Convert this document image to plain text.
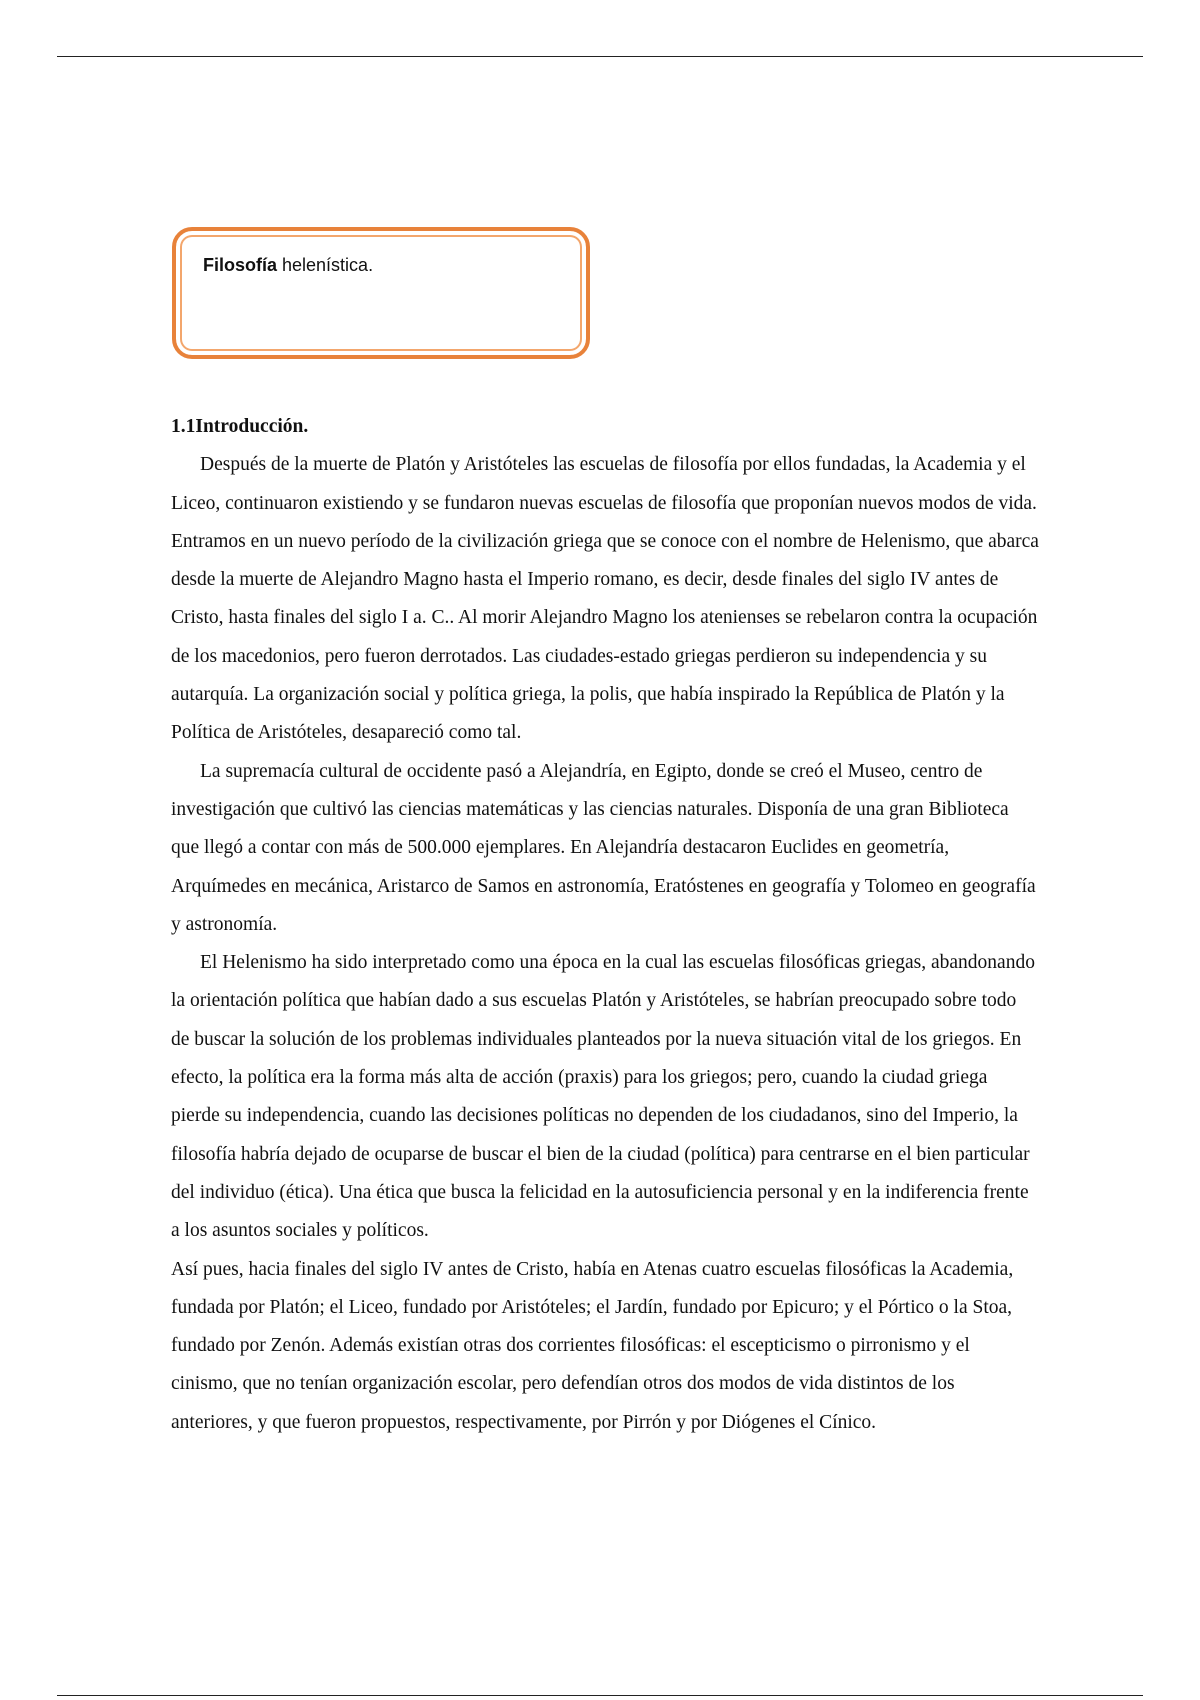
Filosofía helenística.

1.1Introducción.

Después de la muerte de Platón y Aristóteles las escuelas de filosofía por ellos fundadas, la Academia y el Liceo, continuaron existiendo y se fundaron nuevas escuelas de filosofía que proponían nuevos modos de vida. Entramos en un nuevo período de la civilización griega que se conoce con el nombre de Helenismo, que abarca desde la muerte de Alejandro Magno hasta el Imperio romano, es decir, desde finales del siglo IV antes de Cristo, hasta finales del siglo I a. C.. Al morir Alejandro Magno los atenienses se rebelaron contra la ocupación de los macedonios, pero fueron derrotados. Las ciudades-estado griegas perdieron su independencia y su autarquía. La organización social y política griega, la polis, que había inspirado la República de Platón y la Política de Aristóteles, desapareció como tal.

La supremacía cultural de occidente pasó a Alejandría, en Egipto, donde se creó el Museo, centro de investigación que cultivó las ciencias matemáticas y las ciencias naturales. Disponía de una gran Biblioteca que llegó a contar con más de 500.000 ejemplares. En Alejandría destacaron Euclides en geometría, Arquímedes en mecánica, Aristarco de Samos en astronomía, Eratóstenes en geografía y Tolomeo en geografía y astronomía.

El Helenismo ha sido interpretado como una época en la cual las escuelas filosóficas griegas, abandonando la orientación política que habían dado a sus escuelas Platón y Aristóteles, se habrían preocupado sobre todo de buscar la solución de los problemas individuales planteados por la nueva situación vital de los griegos. En efecto, la política era la forma más alta de acción (praxis) para los griegos; pero, cuando la ciudad griega pierde su independencia, cuando las decisiones políticas no dependen de los ciudadanos, sino del Imperio, la filosofía habría dejado de ocuparse de buscar el bien de la ciudad (política) para centrarse en el bien particular del individuo (ética). Una ética que busca la felicidad en la autosuficiencia personal y en la indiferencia frente a los asuntos sociales y políticos.

Así pues, hacia finales del siglo IV antes de Cristo, había en Atenas cuatro escuelas filosóficas la Academia, fundada por Platón; el Liceo, fundado por Aristóteles; el Jardín, fundado por Epicuro; y el Pórtico o la Stoa, fundado por Zenón. Además existían otras dos corrientes filosóficas: el escepticismo o pirronismo y el cinismo, que no tenían organización escolar, pero defendían otros dos modos de vida distintos de los anteriores, y que fueron propuestos, respectivamente, por Pirrón y por Diógenes el Cínico.
